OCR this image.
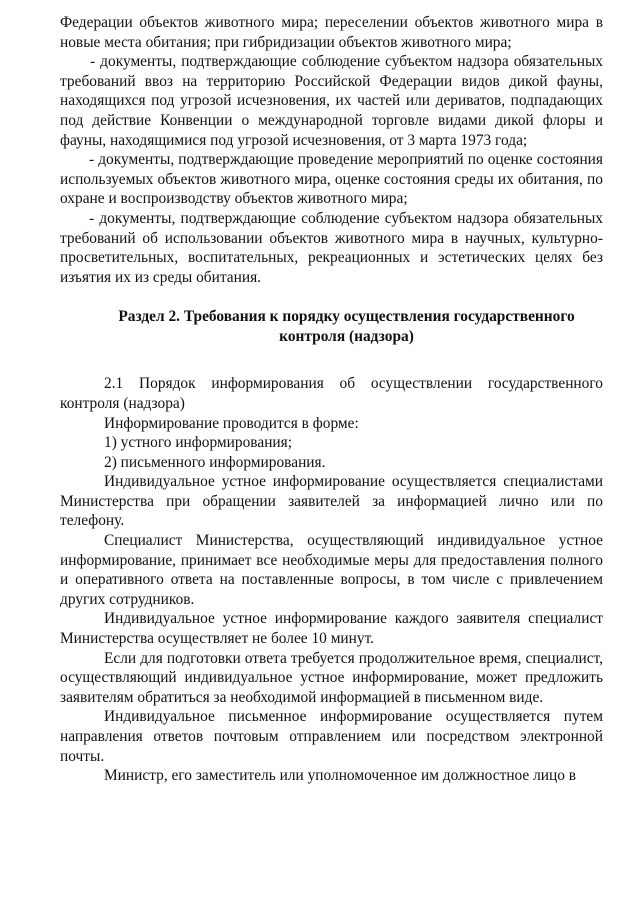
Федерации объектов животного мира; переселении объектов животного мира в новые места обитания; при гибридизации объектов животного мира;

- документы, подтверждающие соблюдение субъектом надзора обязательных требований ввоз на территорию Российской Федерации видов дикой фауны, находящихся под угрозой исчезновения, их частей или дериватов, подпадающих под действие Конвенции о международной торговле видами дикой флоры и фауны, находящимися под угрозой исчезновения, от 3 марта 1973 года;

- документы, подтверждающие проведение мероприятий по оценке состояния используемых объектов животного мира, оценке состояния среды их обитания, по охране и воспроизводству объектов животного мира;

- документы, подтверждающие соблюдение субъектом надзора обязательных требований об использовании объектов животного мира в научных, культурно-просветительных, воспитательных, рекреационных и эстетических целях без изъятия их из среды обитания.

Раздел 2. Требования к порядку осуществления государственного контроля (надзора)

2.1 Порядок информирования об осуществлении государственного контроля (надзора)

Информирование проводится в форме:

1) устного информирования;

2) письменного информирования.

Индивидуальное устное информирование осуществляется специалистами Министерства при обращении заявителей за информацией лично или по телефону.

Специалист Министерства, осуществляющий индивидуальное устное информирование, принимает все необходимые меры для предоставления полного и оперативного ответа на поставленные вопросы, в том числе с привлечением других сотрудников.

Индивидуальное устное информирование каждого заявителя специалист Министерства осуществляет не более 10 минут.

Если для подготовки ответа требуется продолжительное время, специалист, осуществляющий индивидуальное устное информирование, может предложить заявителям обратиться за необходимой информацией в письменном виде.

Индивидуальное письменное информирование осуществляется путем направления ответов почтовым отправлением или посредством электронной почты.

Министр, его заместитель или уполномоченное им должностное лицо в
